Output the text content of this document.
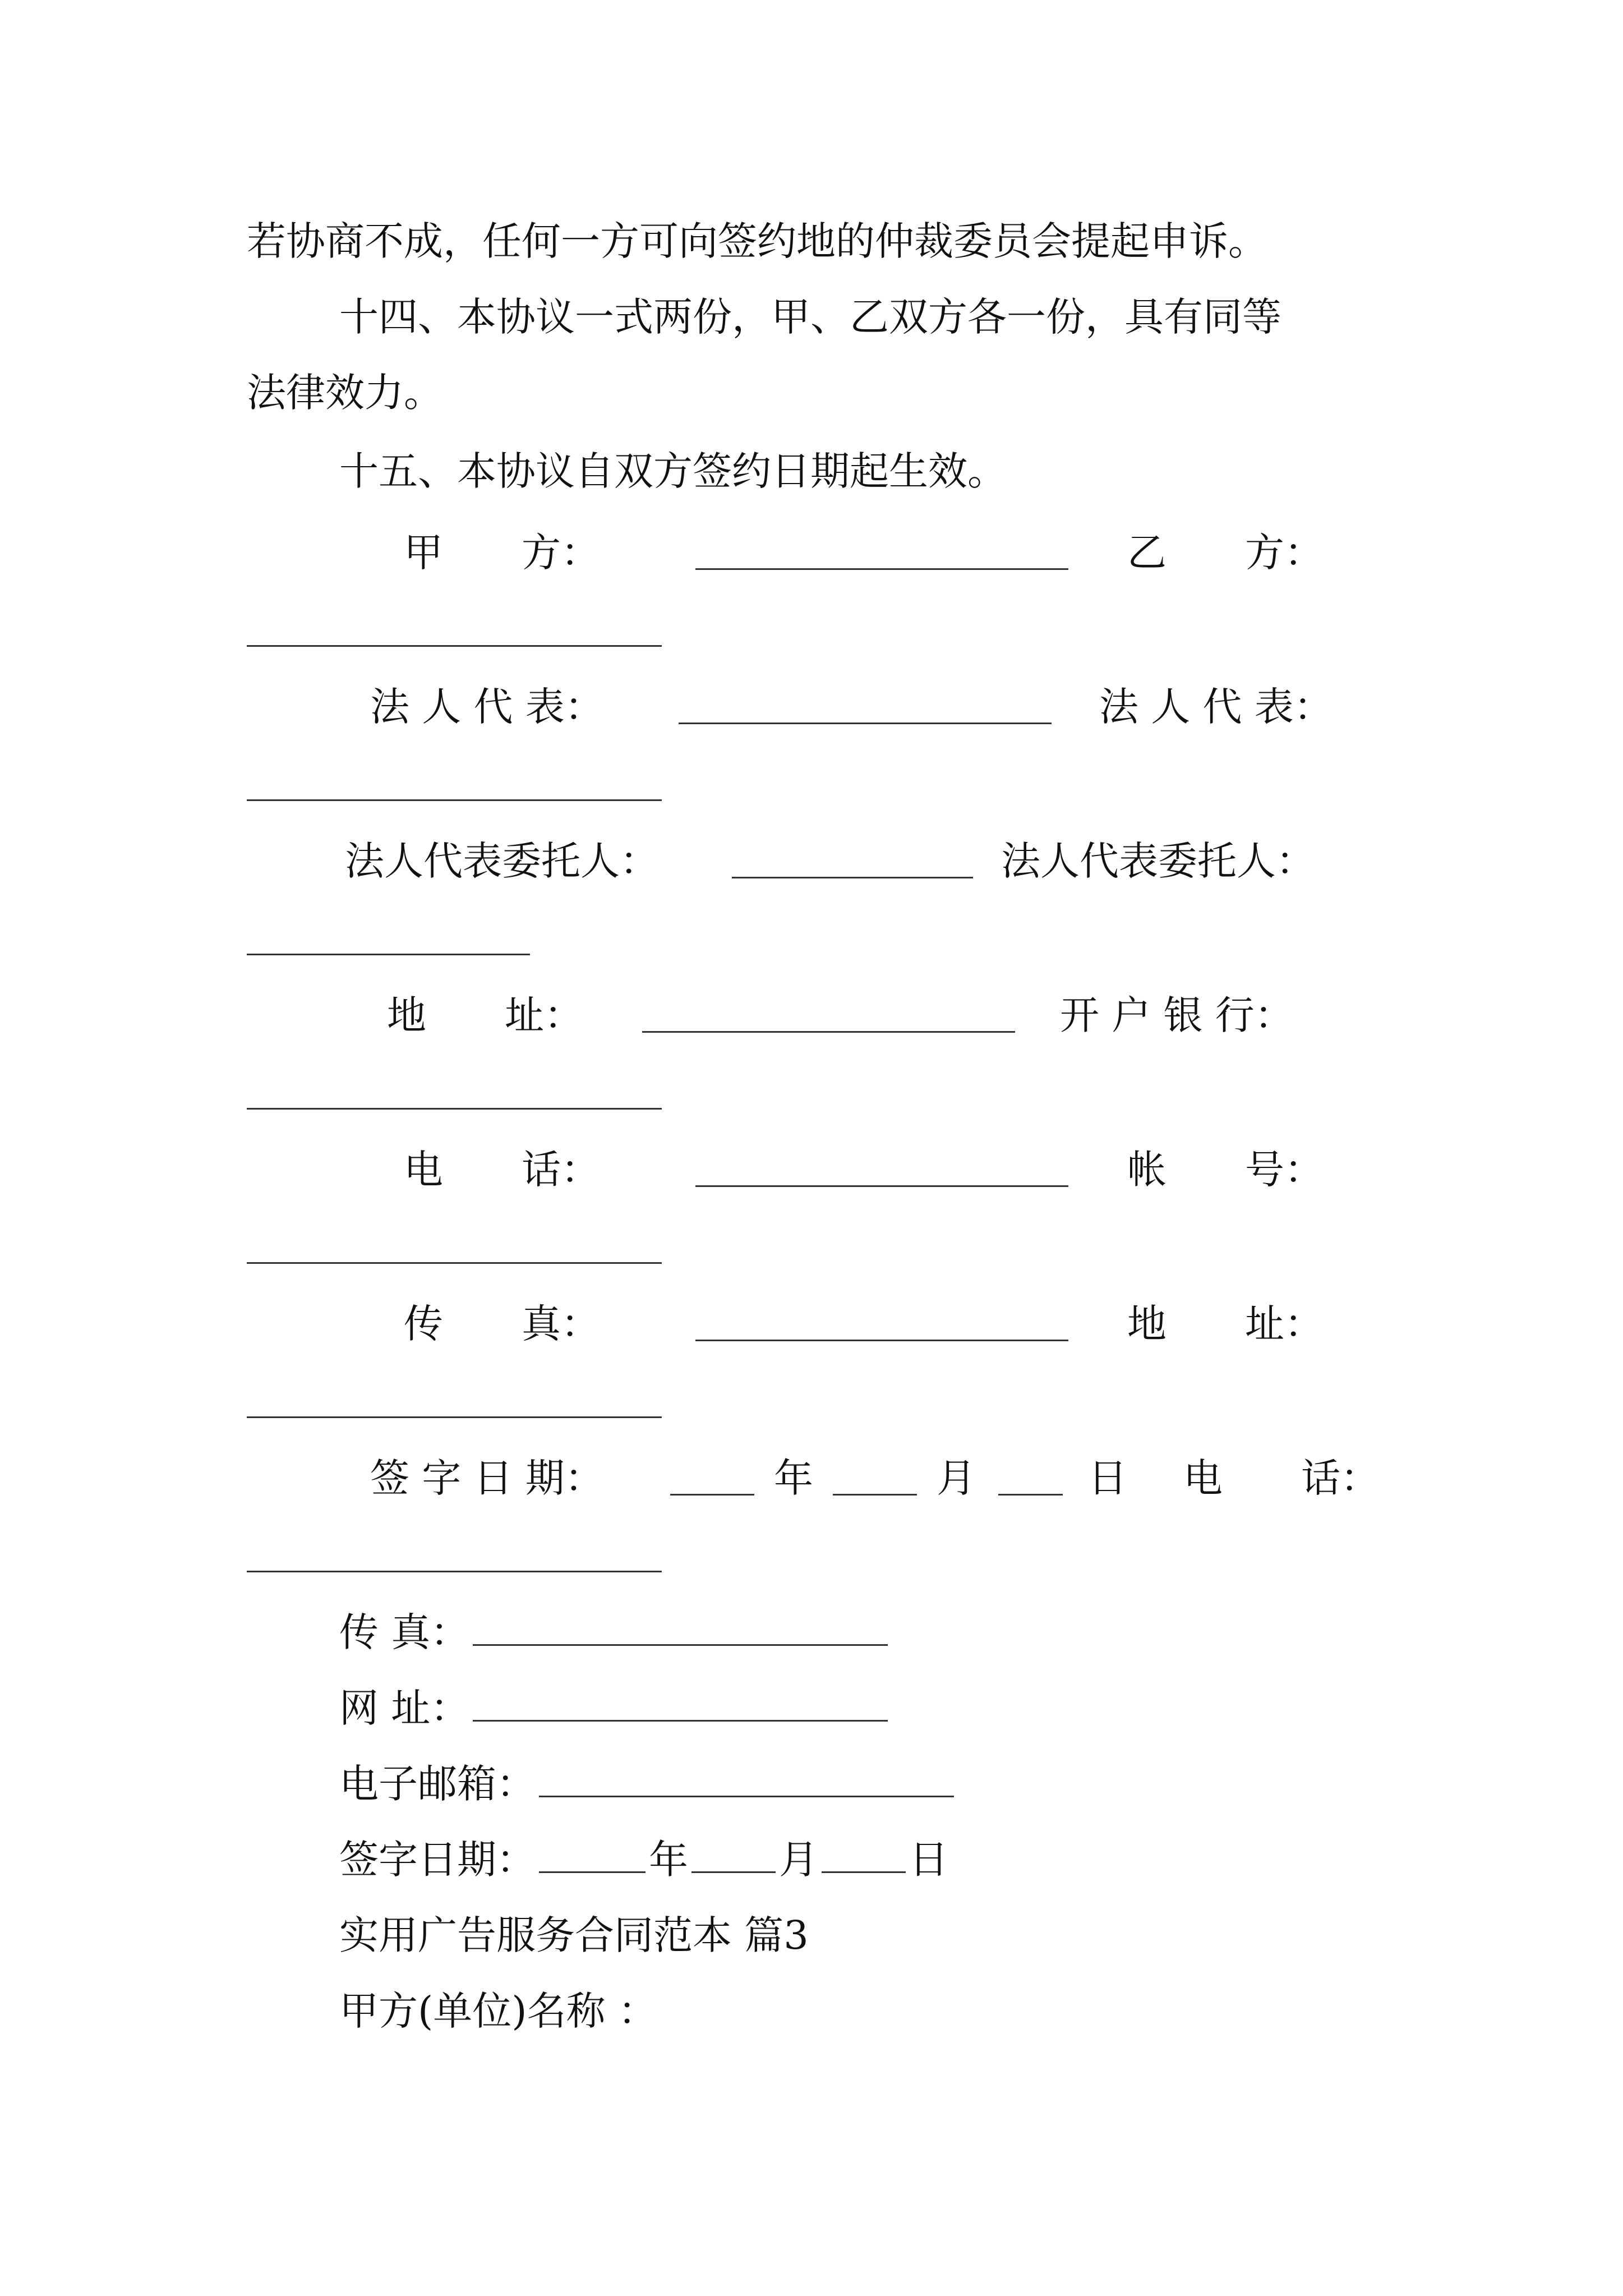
若协商不成，任何一方可向签约地的仲裁委员会提起申诉。
十四、本协议一式两份，甲、乙双方各一份，具有同等
法律效力。
十五、本协议自双方签约日期起生效。
甲　　方：	乙　　方：
法 人 代 表：	法 人 代 表：
法人代表委托人：	法人代表委托人：
地　　址：	开 户 银 行：
电　　话：	帐　　号：
传　　真：	地　　址：
签 字 日 期：	年	月	日 电　　话：
传 真：
网 址：
电子邮箱：
签字日期：	年 月 日
实用广告服务合同范本 篇3
甲方(单位)名称 ：
